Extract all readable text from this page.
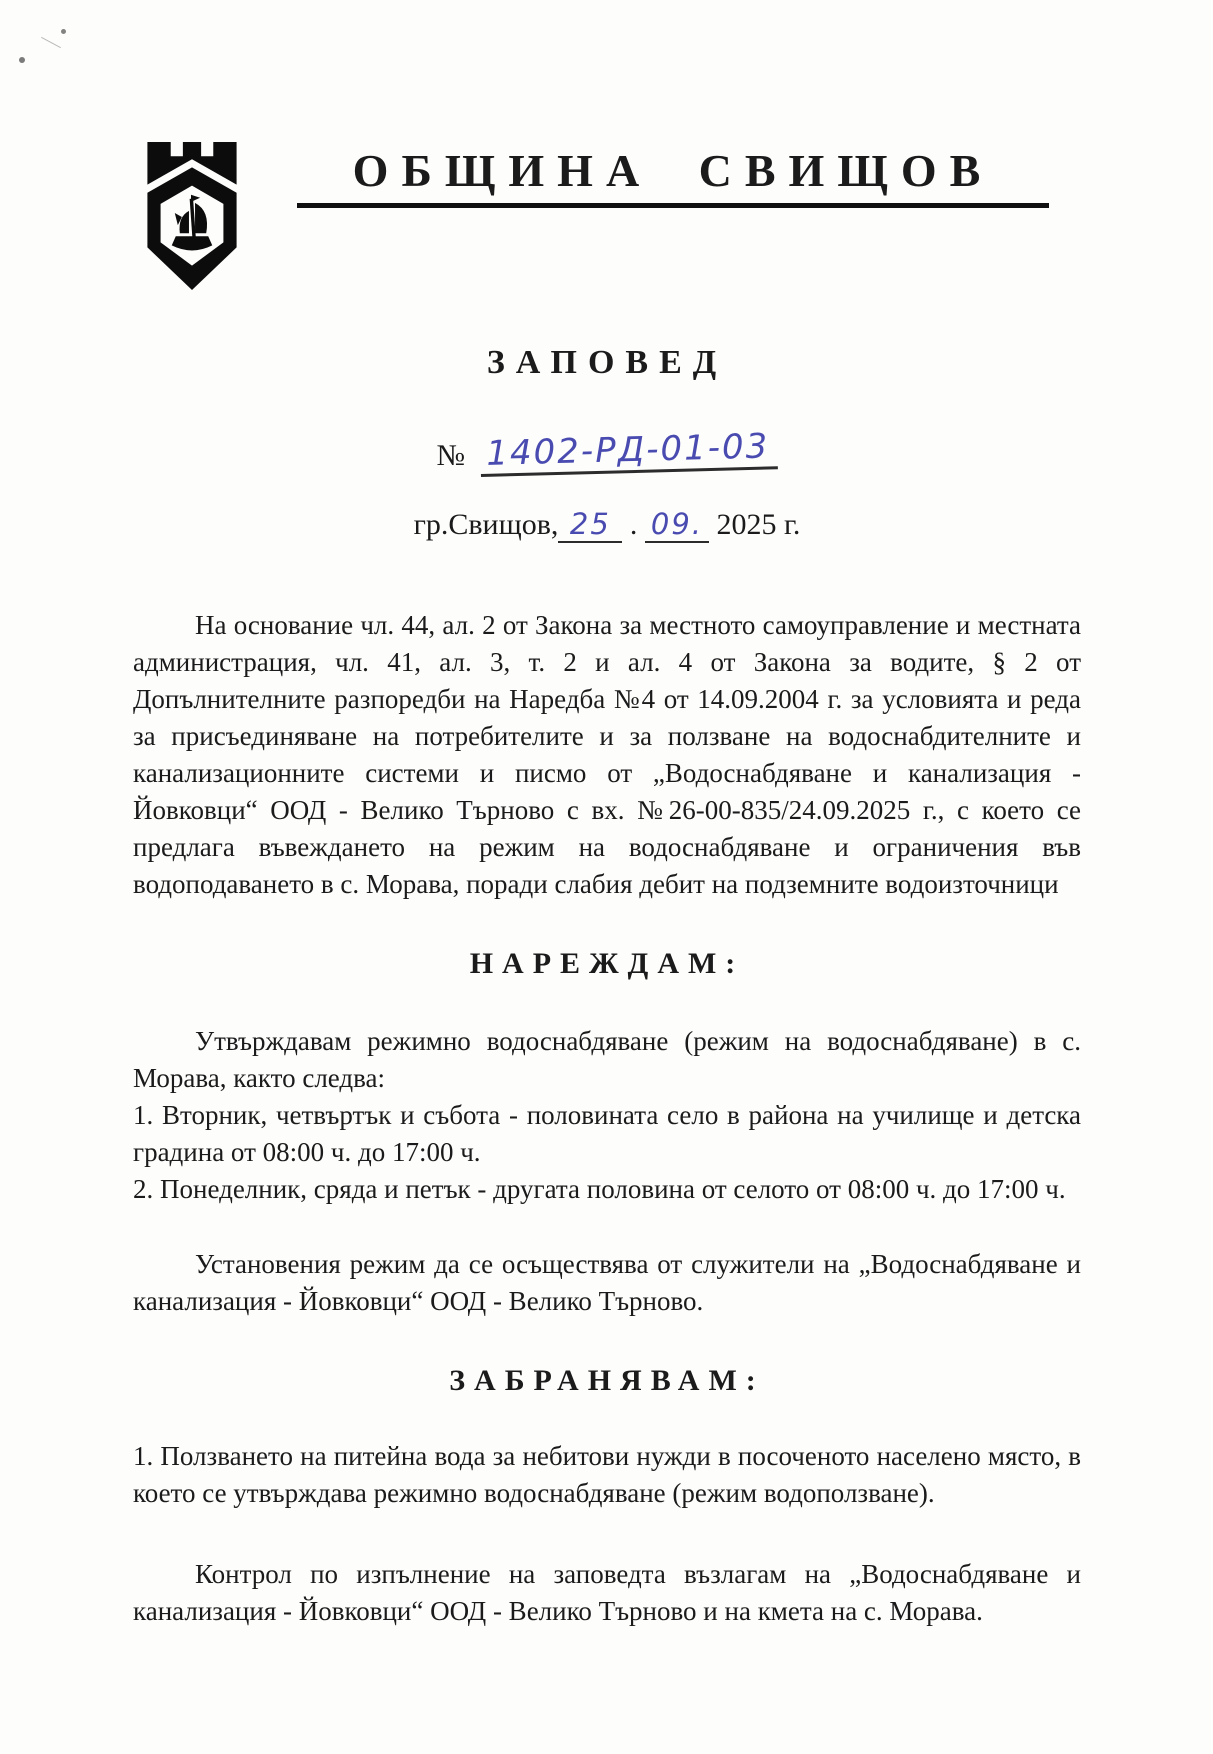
ОБЩИНА СВИЩОВ
ЗАПОВЕД
№ 1402-РД-01-03
гр.Свищов, 25 . 09. 2025 г.

На основание чл. 44, ал. 2 от Закона за местното самоуправление и местната администрация, чл. 41, ал. 3, т. 2 и ал. 4 от Закона за водите, § 2 от Допълнителните разпоредби на Наредба №4 от 14.09.2004 г. за условията и реда за присъединяване на потребителите и за ползване на водоснабдителните и канализационните системи и писмо от „Водоснабдяване и канализация - Йовковци“ ООД - Велико Търново с вх. №26-00-835/24.09.2025 г., с което се предлага въвеждането на режим на водоснабдяване и ограничения във водоподаването в с. Морава, поради слабия дебит на подземните водоизточници

НАРЕЖДАМ:

Утвърждавам режимно водоснабдяване (режим на водоснабдяване) в с. Морава, както следва:

1. Вторник, четвъртък и събота - половината село в района на училище и детска градина от 08:00 ч. до 17:00 ч.

2. Понеделник, сряда и петък - другата половина от селото от 08:00 ч. до 17:00 ч.

Установения режим да се осъществява от служители на „Водоснабдяване и канализация - Йовковци“ ООД - Велико Търново.

ЗАБРАНЯВАМ:

1. Ползването на питейна вода за небитови нужди в посоченото населено място, в което се утвърждава режимно водоснабдяване (режим водоползване).

Контрол по изпълнение на заповедта възлагам на „Водоснабдяване и канализация - Йовковци“ ООД - Велико Търново и на кмета на с. Морава.
